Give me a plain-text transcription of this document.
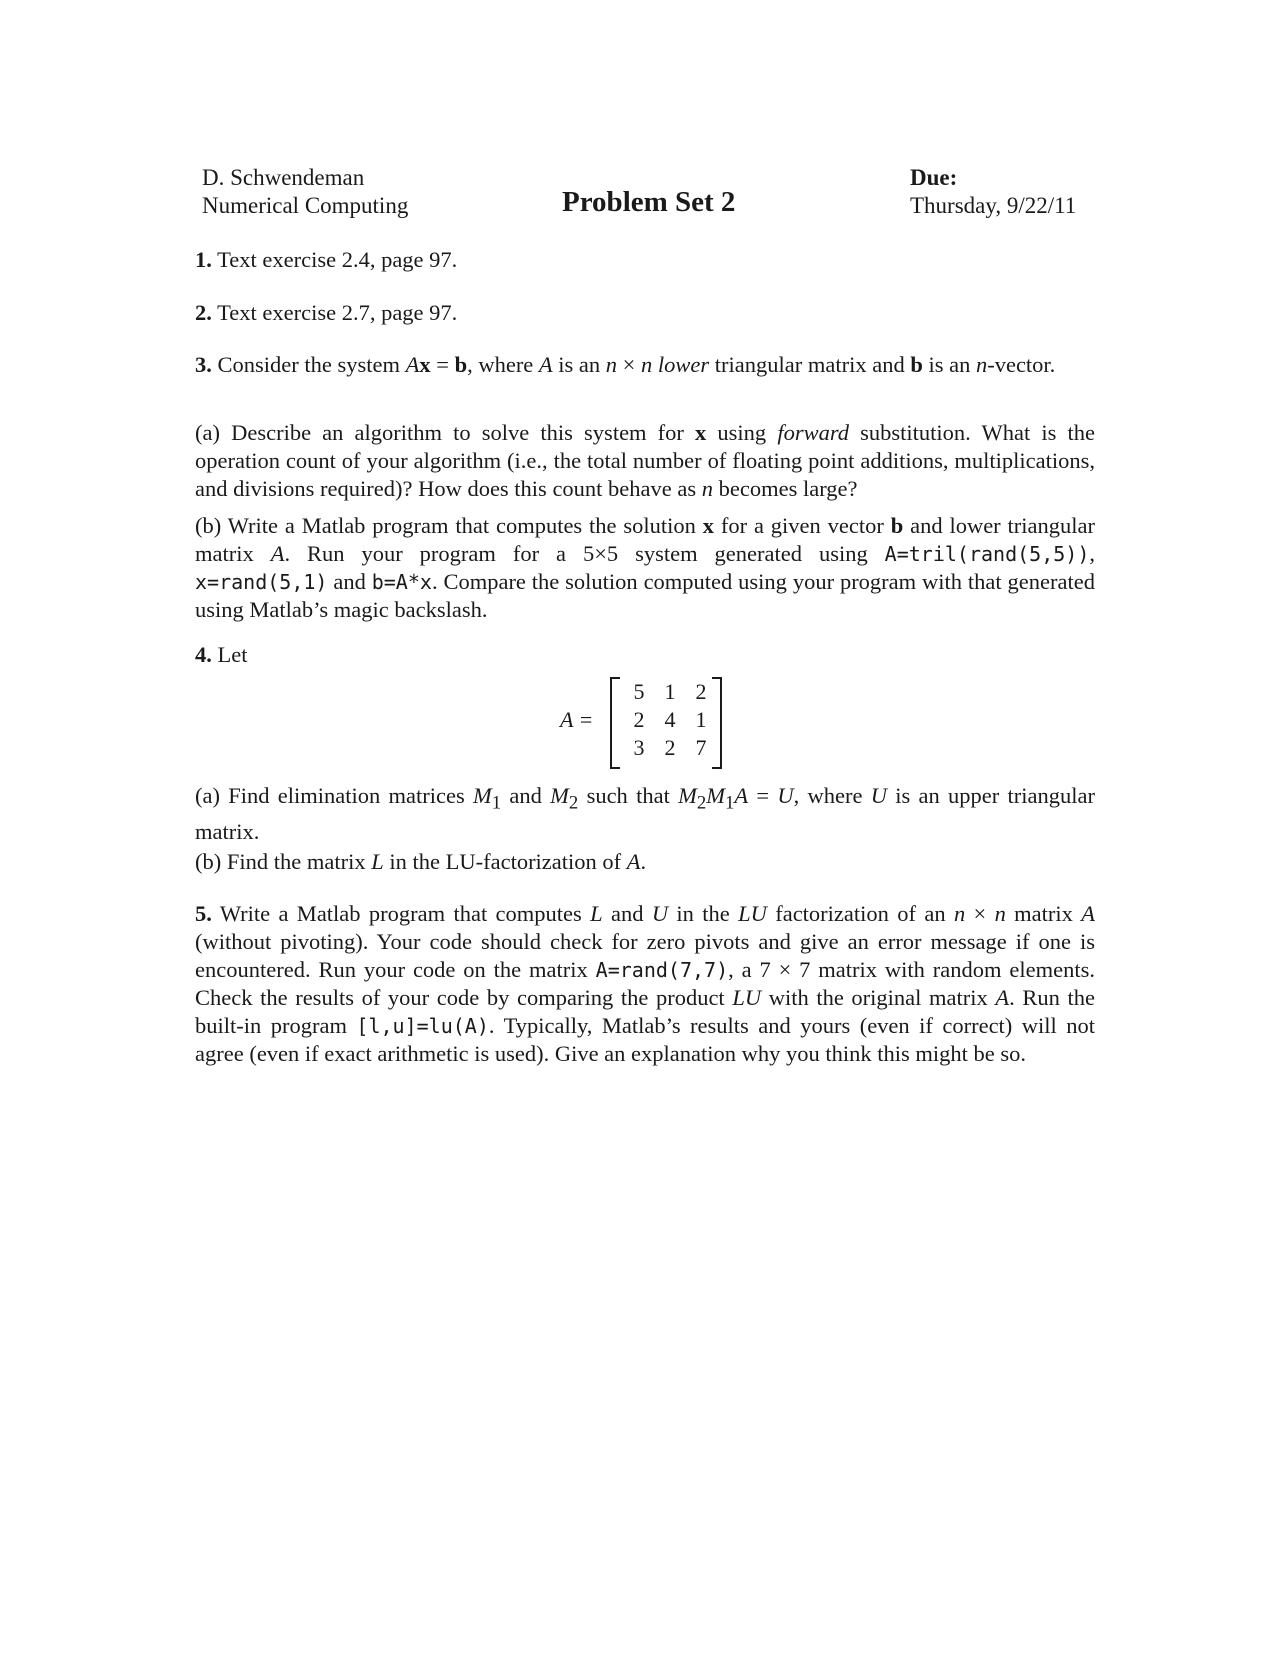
D. Schwendeman
Numerical Computing	Problem Set 2
Due:
Thursday, 9/22/11
1. Text exercise 2.4, page 97.
2. Text exercise 2.7, page 97.
3. Consider the system Ax = b, where A is an n × n lower triangular matrix and b is an n-vector.
(a) Describe an algorithm to solve this system for x using forward substitution. What is the operation count of your algorithm (i.e., the total number of floating point additions, multiplications, and divisions required)? How does this count behave as n becomes large?
(b) Write a Matlab program that computes the solution x for a given vector b and lower triangular matrix A. Run your program for a 5×5 system generated using A=tril(rand(5,5)), x=rand(5,1) and b=A*x. Compare the solution computed using your program with that generated using Matlab’s magic backslash.
4. Let
A =
5 1 2
2 4 1
3 2 7
(a) Find elimination matrices $M_1$ and $M_2$ such that $M_2M_1A = U$, where U is an upper triangular matrix.
(b) Find the matrix L in the LU-factorization of A.
5. Write a Matlab program that computes L and U in the LU factorization of an n × n matrix A (without pivoting). Your code should check for zero pivots and give an error message if one is encountered. Run your code on the matrix A=rand(7,7), a 7 × 7 matrix with random elements. Check the results of your code by comparing the product LU with the original matrix A. Run the built-in program [l,u]=lu(A). Typically, Matlab’s results and yours (even if correct) will not agree (even if exact arithmetic is used). Give an explanation why you think this might be so.
